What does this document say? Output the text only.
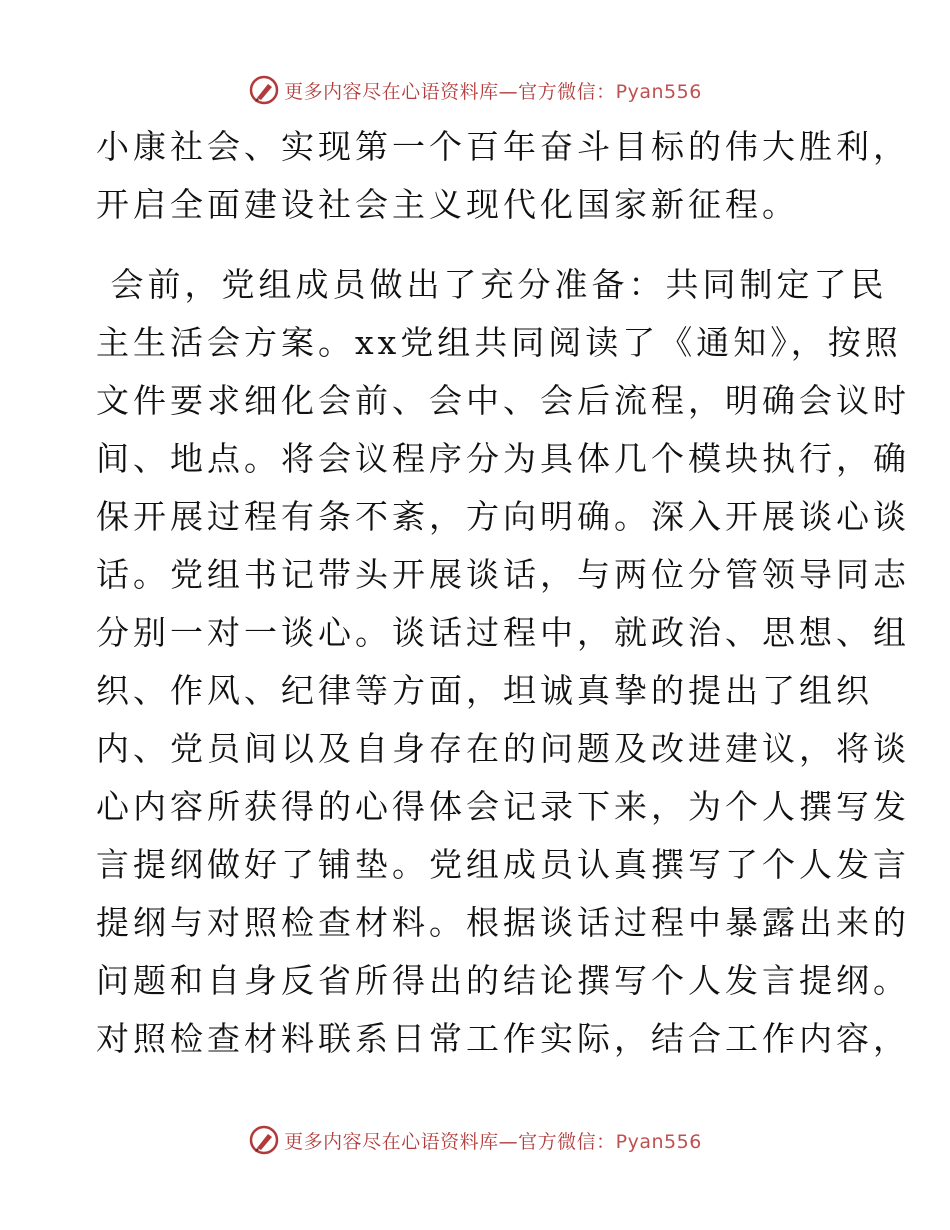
更多内容尽在心语资料库—官方微信：Pyan556
小康社会、实现第一个百年奋斗目标的伟大胜利，
开启全面建设社会主义现代化国家新征程。
会前，党组成员做出了充分准备：共同制定了民
主生活会方案。xx党组共同阅读了《通知》，按照
文件要求细化会前、会中、会后流程，明确会议时
间、地点。将会议程序分为具体几个模块执行，确
保开展过程有条不紊，方向明确。深入开展谈心谈
话。党组书记带头开展谈话，与两位分管领导同志
分别一对一谈心。谈话过程中，就政治、思想、组
织、作风、纪律等方面，坦诚真挚的提出了组织
内、党员间以及自身存在的问题及改进建议，将谈
心内容所获得的心得体会记录下来，为个人撰写发
言提纲做好了铺垫。党组成员认真撰写了个人发言
提纲与对照检查材料。根据谈话过程中暴露出来的
问题和自身反省所得出的结论撰写个人发言提纲。
对照检查材料联系日常工作实际，结合工作内容，
更多内容尽在心语资料库—官方微信：Pyan556
